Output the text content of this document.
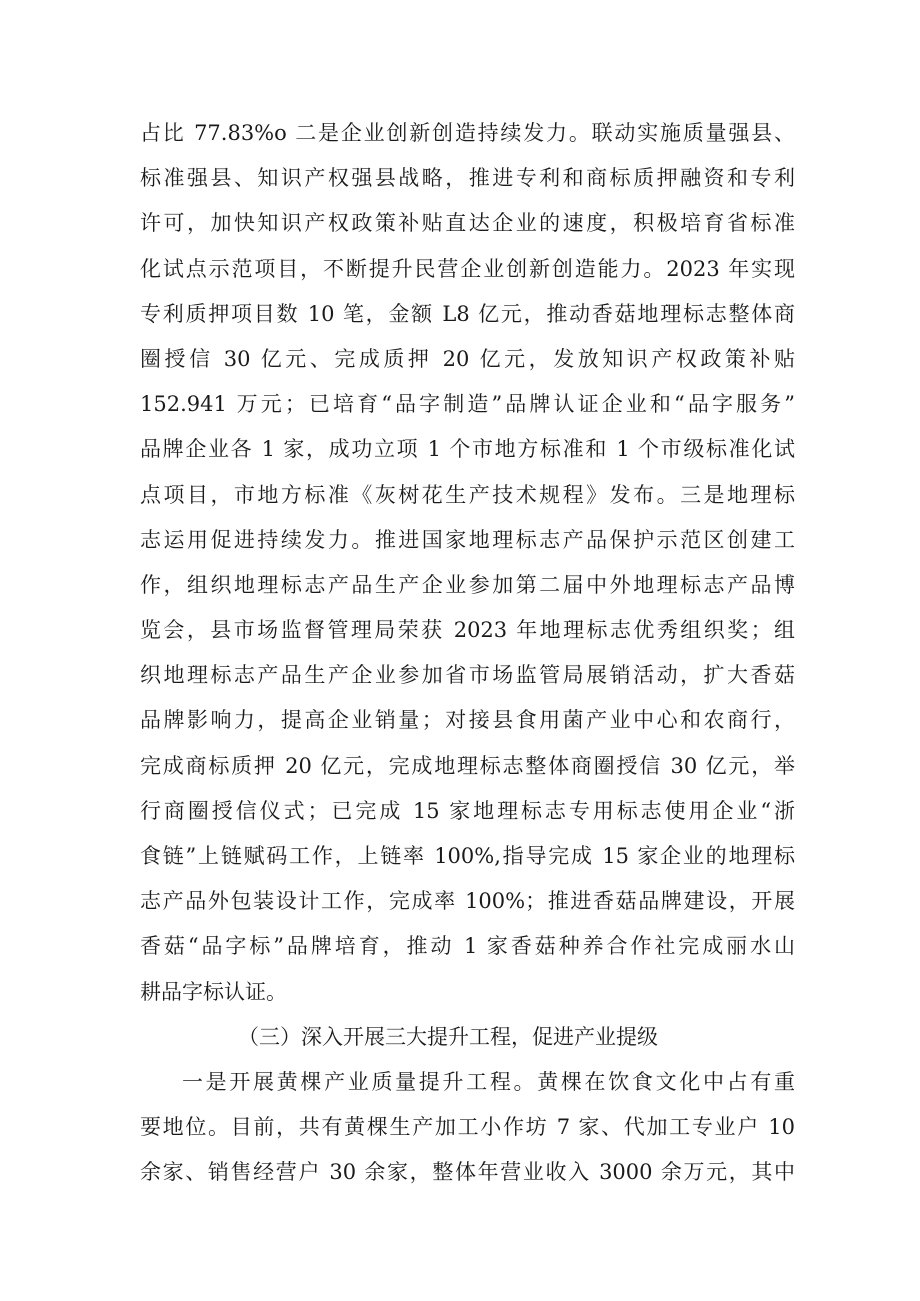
占比 77.83%o 二是企业创新创造持续发力。联动实施质量强县、
标准强县、知识产权强县战略，推进专利和商标质押融资和专利
许可，加快知识产权政策补贴直达企业的速度，积极培育省标准
化试点示范项目，不断提升民营企业创新创造能力。2023 年实现
专利质押项目数 10 笔，金额 L8 亿元，推动香菇地理标志整体商
圈授信 30 亿元、完成质押 20 亿元，发放知识产权政策补贴
152.941 万元；已培育“品字制造”品牌认证企业和“品字服务”
品牌企业各 1 家，成功立项 1 个市地方标准和 1 个市级标准化试
点项目，市地方标准《灰树花生产技术规程》发布。三是地理标
志运用促进持续发力。推进国家地理标志产品保护示范区创建工
作，组织地理标志产品生产企业参加第二届中外地理标志产品博
览会，县市场监督管理局荣获 2023 年地理标志优秀组织奖；组
织地理标志产品生产企业参加省市场监管局展销活动，扩大香菇
品牌影响力，提高企业销量；对接县食用菌产业中心和农商行，
完成商标质押 20 亿元，完成地理标志整体商圈授信 30 亿元，举
行商圈授信仪式；已完成 15 家地理标志专用标志使用企业“浙
食链”上链赋码工作，上链率 100%,指导完成 15 家企业的地理标
志产品外包装设计工作，完成率 100%；推进香菇品牌建设，开展
香菇“品字标”品牌培育，推动 1 家香菇种养合作社完成丽水山
耕品字标认证。
（三）深入开展三大提升工程，促进产业提级
一是开展黄棵产业质量提升工程。黄棵在饮食文化中占有重
要地位。目前，共有黄棵生产加工小作坊 7 家、代加工专业户 10
余家、销售经营户 30 余家，整体年营业收入 3000 余万元，其中
